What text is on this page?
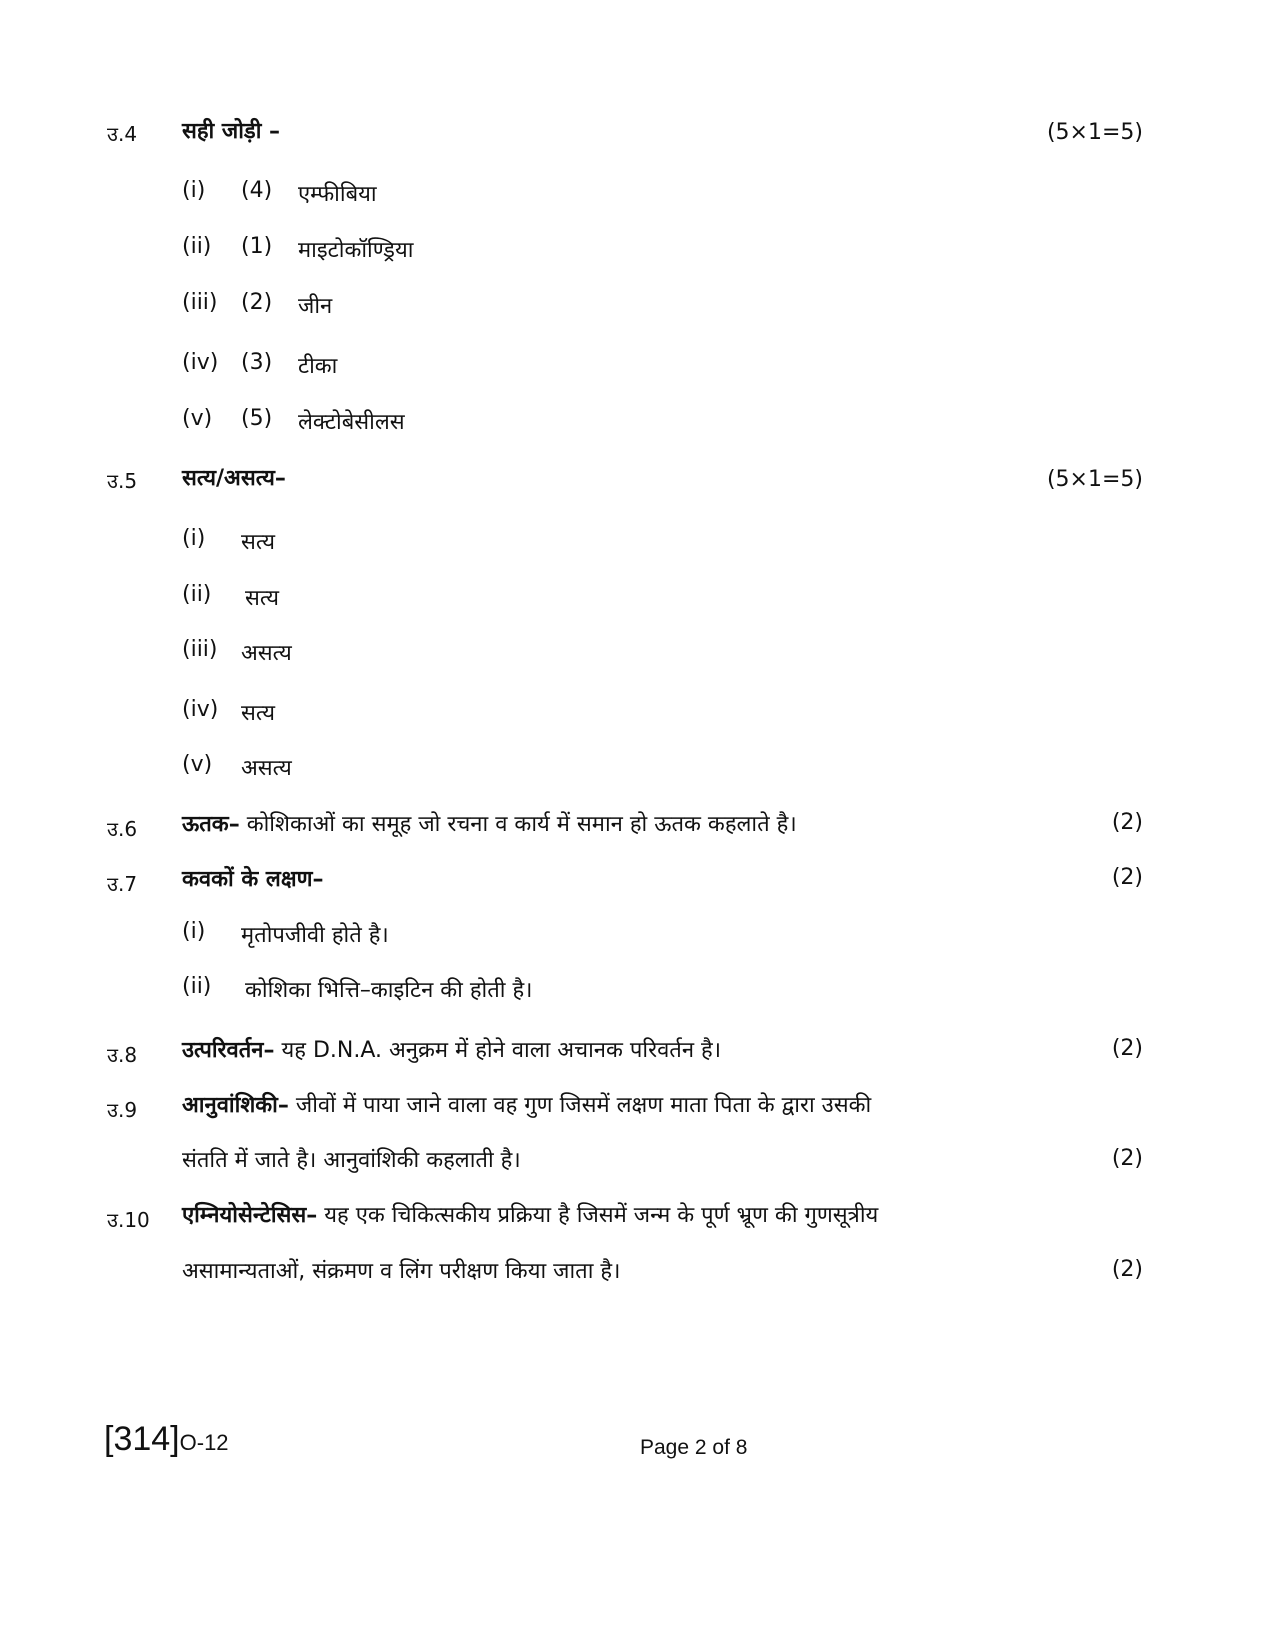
उ.4 सही जोड़ी –	(5×1=5)
(i) (4) एम्फीबिया
(ii) (1) माइटोकॉण्ड्रिया
(iii) (2) जीन
(iv) (3) टीका
(v) (5) लेक्टोबेसीलस
उ.5 सत्य/असत्य–	(5×1=5)
(i) सत्य
(ii) सत्य
(iii) असत्य
(iv) सत्य
(v) असत्य
उ.6 ऊतक– कोशिकाओं का समूह जो रचना व कार्य में समान हो ऊतक कहलाते है।	(2)
उ.7 कवकों के लक्षण–	(2)
(i) मृतोपजीवी होते है।
(ii) कोशिका भित्ति–काइटिन की होती है।
उ.8 उत्परिवर्तन– यह D.N.A. अनुक्रम में होने वाला अचानक परिवर्तन है।	(2)
उ.9 आनुवांशिकी– जीवों में पाया जाने वाला वह गुण जिसमें लक्षण माता पिता के द्वारा उसकी
संतति में जाते है। आनुवांशिकी कहलाती है।	(2)
उ.10 एम्नियोसेन्टेसिस– यह एक चिकित्सकीय प्रक्रिया है जिसमें जन्म के पूर्ण भ्रूण की गुणसूत्रीय
असामान्यताओं, संक्रमण व लिंग परीक्षण किया जाता है।	(2)
[314]O-12	Page 2 of 8
